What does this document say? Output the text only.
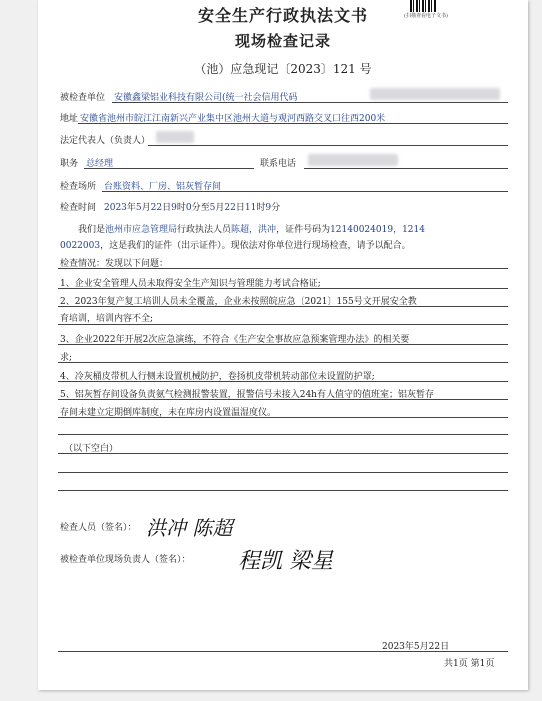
安全生产行政执法文书	(扫描查看电子文书)
现场检查记录
（池）应急现记〔2023〕121 号
被检查单位 安徽鑫梁铝业科技有限公司(统一社会信用代码
地址 安徽省池州市皖江江南新兴产业集中区池州大道与观河西路交叉口往西200米
法定代表人（负责人）
职务 总经理	联系电话
检查场所 台账资料、厂房、铝灰暂存间
检查时间 2023年5月22日9时0分至5月22日11时9分
我们是池州市应急管理局行政执法人员陈超，洪冲，证件号码为12140024019，1214
0022003，这是我们的证件（出示证件）。现依法对你单位进行现场检查，请予以配合。
检查情况：发现以下问题：
1、企业安全管理人员未取得安全生产知识与管理能力考试合格证;
2、2023年复产复工培训人员未全覆盖，企业未按照皖应急〔2021〕155号文开展安全教
育培训，培训内容不全;
3、企业2022年开展2次应急演练，不符合《生产安全事故应急预案管理办法》的相关要
求;
4、冷灰桶皮带机人行侧未设置机械防护，卷扬机皮带机转动部位未设置防护罩;
5、铝灰暂存间设备负责氨气检测报警装置，报警信号未接入24h有人值守的值班室；铝灰暂存
存间未建立定期倒库制度，未在库房内设置温湿度仪。
（以下空白）
检查人员（签名）： 洪冲 陈超
被检查单位现场负责人（签名）： 程凯 梁星
2023年5月22日
共1页 第1页
